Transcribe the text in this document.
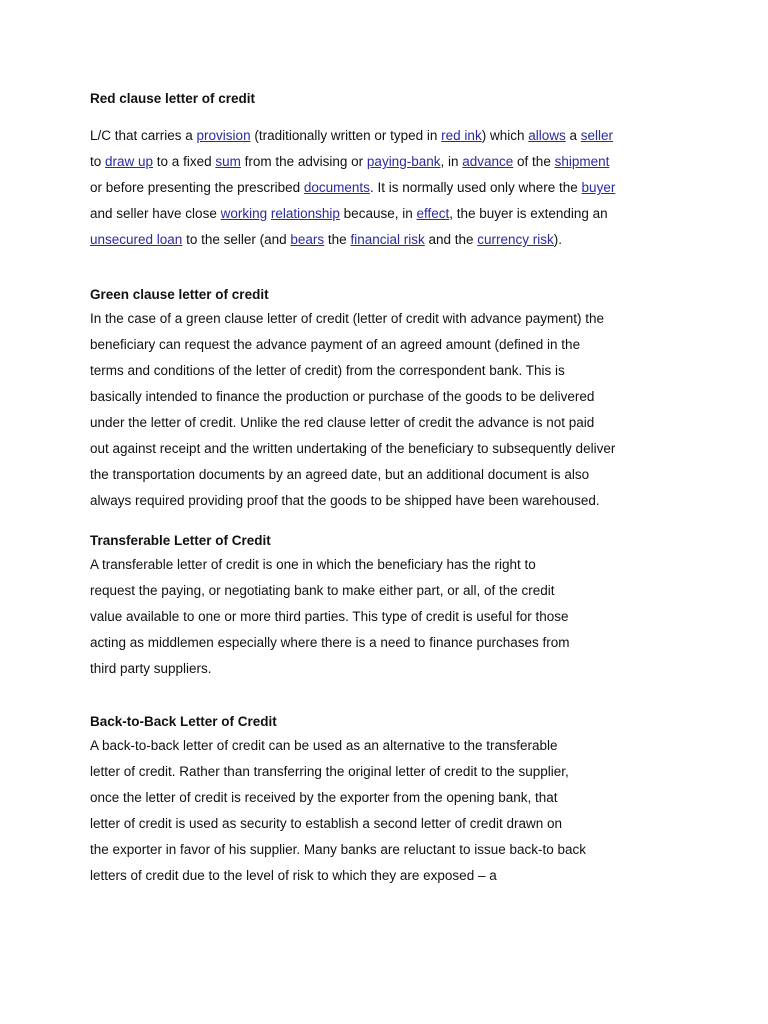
Red clause letter of credit

L/C that carries a provision (traditionally written or typed in red ink) which allows a seller

to draw up to a fixed sum from the advising or paying-bank, in advance of the shipment

or before presenting the prescribed documents. It is normally used only where the buyer

and seller have close working relationship because, in effect, the buyer is extending an

unsecured loan to the seller (and bears the financial risk and the currency risk).

Green clause letter of credit

In the case of a green clause letter of credit (letter of credit with advance payment) the

beneficiary can request the advance payment of an agreed amount (defined in the

terms and conditions of the letter of credit) from the correspondent bank. This is

basically intended to finance the production or purchase of the goods to be delivered

under the letter of credit. Unlike the red clause letter of credit the advance is not paid

out against receipt and the written undertaking of the beneficiary to subsequently deliver

the transportation documents by an agreed date, but an additional document is also

always required providing proof that the goods to be shipped have been warehoused.

Transferable Letter of Credit

A transferable letter of credit is one in which the beneficiary has the right to

request the paying, or negotiating bank to make either part, or all, of the credit

value available to one or more third parties. This type of credit is useful for those

acting as middlemen especially where there is a need to finance purchases from

third party suppliers.

Back-to-Back Letter of Credit

A back-to-back letter of credit can be used as an alternative to the transferable

letter of credit. Rather than transferring the original letter of credit to the supplier,

once the letter of credit is received by the exporter from the opening bank, that

letter of credit is used as security to establish a second letter of credit drawn on

the exporter in favor of his supplier. Many banks are reluctant to issue back-to back

letters of credit due to the level of risk to which they are exposed – a
